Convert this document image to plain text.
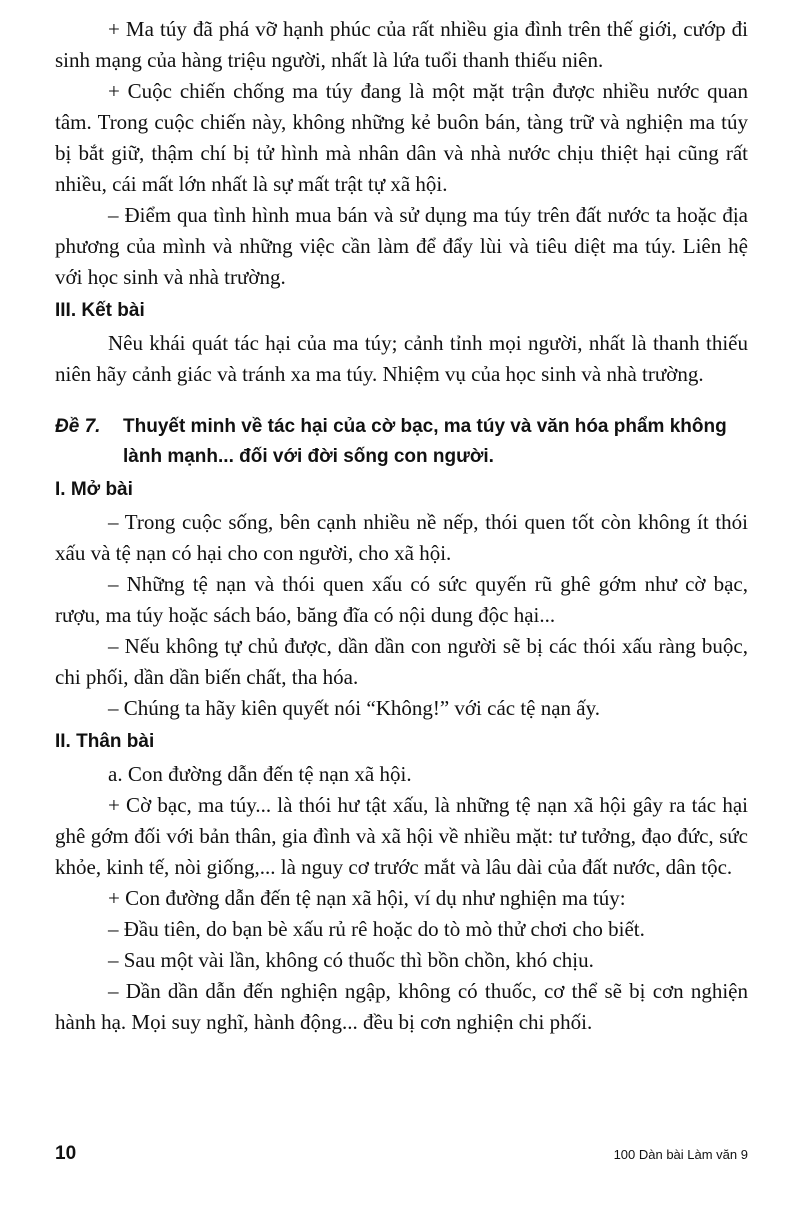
+ Ma túy đã phá vỡ hạnh phúc của rất nhiều gia đình trên thế giới, cướp đi sinh mạng của hàng triệu người, nhất là lứa tuổi thanh thiếu niên.

+ Cuộc chiến chống ma túy đang là một mặt trận được nhiều nước quan tâm. Trong cuộc chiến này, không những kẻ buôn bán, tàng trữ và nghiện ma túy bị bắt giữ, thậm chí bị tử hình mà nhân dân và nhà nước chịu thiệt hại cũng rất nhiều, cái mất lớn nhất là sự mất trật tự xã hội.

– Điểm qua tình hình mua bán và sử dụng ma túy trên đất nước ta hoặc địa phương của mình và những việc cần làm để đẩy lùi và tiêu diệt ma túy. Liên hệ với học sinh và nhà trường.

III. Kết bài

Nêu khái quát tác hại của ma túy; cảnh tỉnh mọi người, nhất là thanh thiếu niên hãy cảnh giác và tránh xa ma túy. Nhiệm vụ của học sinh và nhà trường.

Đề 7.	Thuyết minh về tác hại của cờ bạc, ma túy và văn hóa phẩm không lành mạnh... đối với đời sống con người.
I. Mở bài

– Trong cuộc sống, bên cạnh nhiều nề nếp, thói quen tốt còn không ít thói xấu và tệ nạn có hại cho con người, cho xã hội.

– Những tệ nạn và thói quen xấu có sức quyến rũ ghê gớm như cờ bạc, rượu, ma túy hoặc sách báo, băng đĩa có nội dung độc hại...

– Nếu không tự chủ được, dần dần con người sẽ bị các thói xấu ràng buộc, chi phối, dần dần biến chất, tha hóa.

– Chúng ta hãy kiên quyết nói “Không!” với các tệ nạn ấy.

II. Thân bài

a. Con đường dẫn đến tệ nạn xã hội.

+ Cờ bạc, ma túy... là thói hư tật xấu, là những tệ nạn xã hội gây ra tác hại ghê gớm đối với bản thân, gia đình và xã hội về nhiều mặt: tư tưởng, đạo đức, sức khỏe, kinh tế, nòi giống,... là nguy cơ trước mắt và lâu dài của đất nước, dân tộc.

+ Con đường dẫn đến tệ nạn xã hội, ví dụ như nghiện ma túy:

– Đầu tiên, do bạn bè xấu rủ rê hoặc do tò mò thử chơi cho biết.

– Sau một vài lần, không có thuốc thì bồn chồn, khó chịu.

– Dần dần dẫn đến nghiện ngập, không có thuốc, cơ thể sẽ bị cơn nghiện hành hạ. Mọi suy nghĩ, hành động... đều bị cơn nghiện chi phối.

10	100 Dàn bài Làm văn 9
